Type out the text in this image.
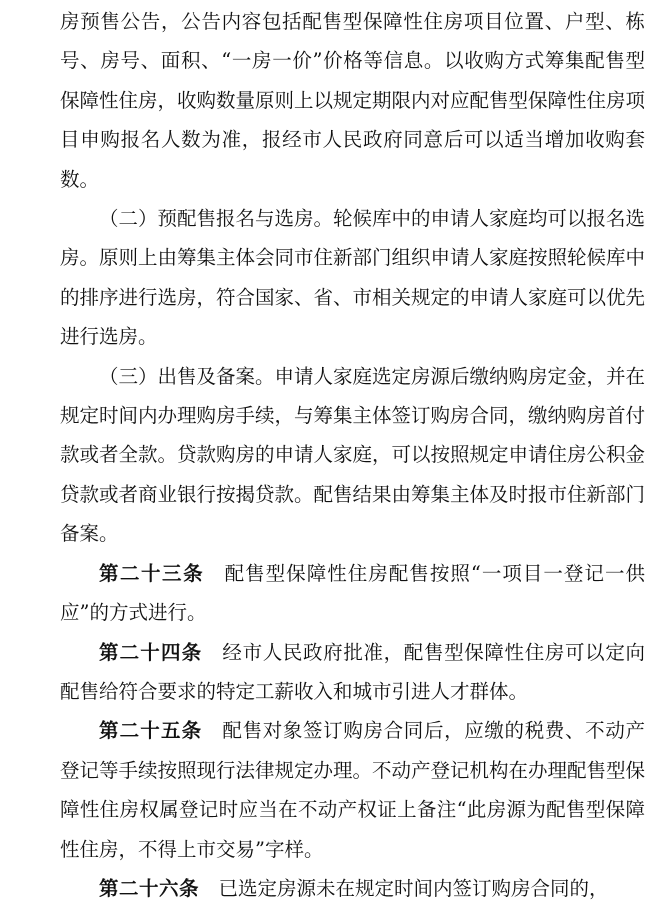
房预售公告，公告内容包括配售型保障性住房项目位置、户型、栋号、房号、面积、“一房一价”价格等信息。以收购方式筹集配售型保障性住房，收购数量原则上以规定期限内对应配售型保障性住房项目申购报名人数为准，报经市人民政府同意后可以适当增加收购套数。

（二）预配售报名与选房。轮候库中的申请人家庭均可以报名选房。原则上由筹集主体会同市住新部门组织申请人家庭按照轮候库中的排序进行选房，符合国家、省、市相关规定的申请人家庭可以优先进行选房。

（三）出售及备案。申请人家庭选定房源后缴纳购房定金，并在规定时间内办理购房手续，与筹集主体签订购房合同，缴纳购房首付款或者全款。贷款购房的申请人家庭，可以按照规定申请住房公积金贷款或者商业银行按揭贷款。配售结果由筹集主体及时报市住新部门备案。

第二十三条 配售型保障性住房配售按照“一项目一登记一供应”的方式进行。

第二十四条 经市人民政府批准，配售型保障性住房可以定向配售给符合要求的特定工薪收入和城市引进人才群体。

第二十五条 配售对象签订购房合同后，应缴的税费、不动产登记等手续按照现行法律规定办理。不动产登记机构在办理配售型保障性住房权属登记时应当在不动产权证上备注“此房源为配售型保障性住房，不得上市交易”字样。

第二十六条 已选定房源未在规定时间内签订购房合同的，
